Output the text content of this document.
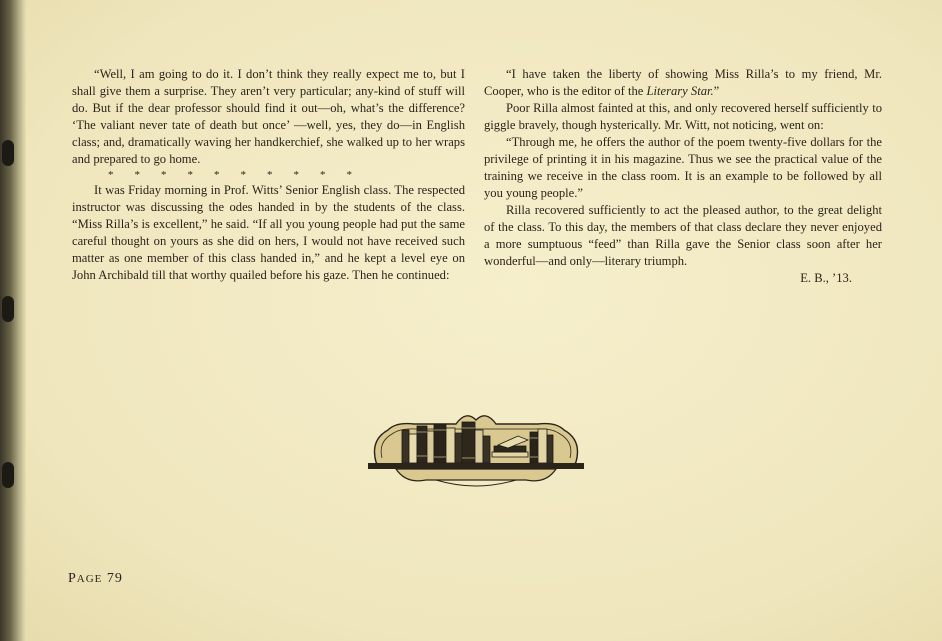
“Well, I am going to do it. I don’t think they really expect me to, but I shall give them a surprise. They aren’t very particular; any-kind of stuff will do. But if the dear professor should find it out—oh, what’s the difference? ‘The valiant never tate of death but once’ —well, yes, they do—in English class; and, dramatically waving her handkerchief, she walked up to her wraps and prepared to go home.

* * * * * * * * * *

It was Friday morning in Prof. Witts’ Senior English class. The respected instructor was discussing the odes handed in by the students of the class. “Miss Rilla’s is excellent,” he said. “If all you young people had put the same careful thought on yours as she did on hers, I would not have received such matter as one member of this class handed in,” and he kept a level eye on John Archibald till that worthy quailed before his gaze. Then he continued:

“I have taken the liberty of showing Miss Rilla’s to my friend, Mr. Cooper, who is the editor of the Literary Star.”

Poor Rilla almost fainted at this, and only recovered herself sufficiently to giggle bravely, though hysterically. Mr. Witt, not noticing, went on:

“Through me, he offers the author of the poem twenty-five dollars for the privilege of printing it in his magazine. Thus we see the practical value of the training we receive in the class room. It is an example to be followed by all you young people.”

Rilla recovered sufficiently to act the pleased author, to the great delight of the class. To this day, the members of that class declare they never enjoyed a more sumptuous “feed” than Rilla gave the Senior class soon after her wonderful—and only—literary triumph.

E. B., ’13.

PAGE 79
